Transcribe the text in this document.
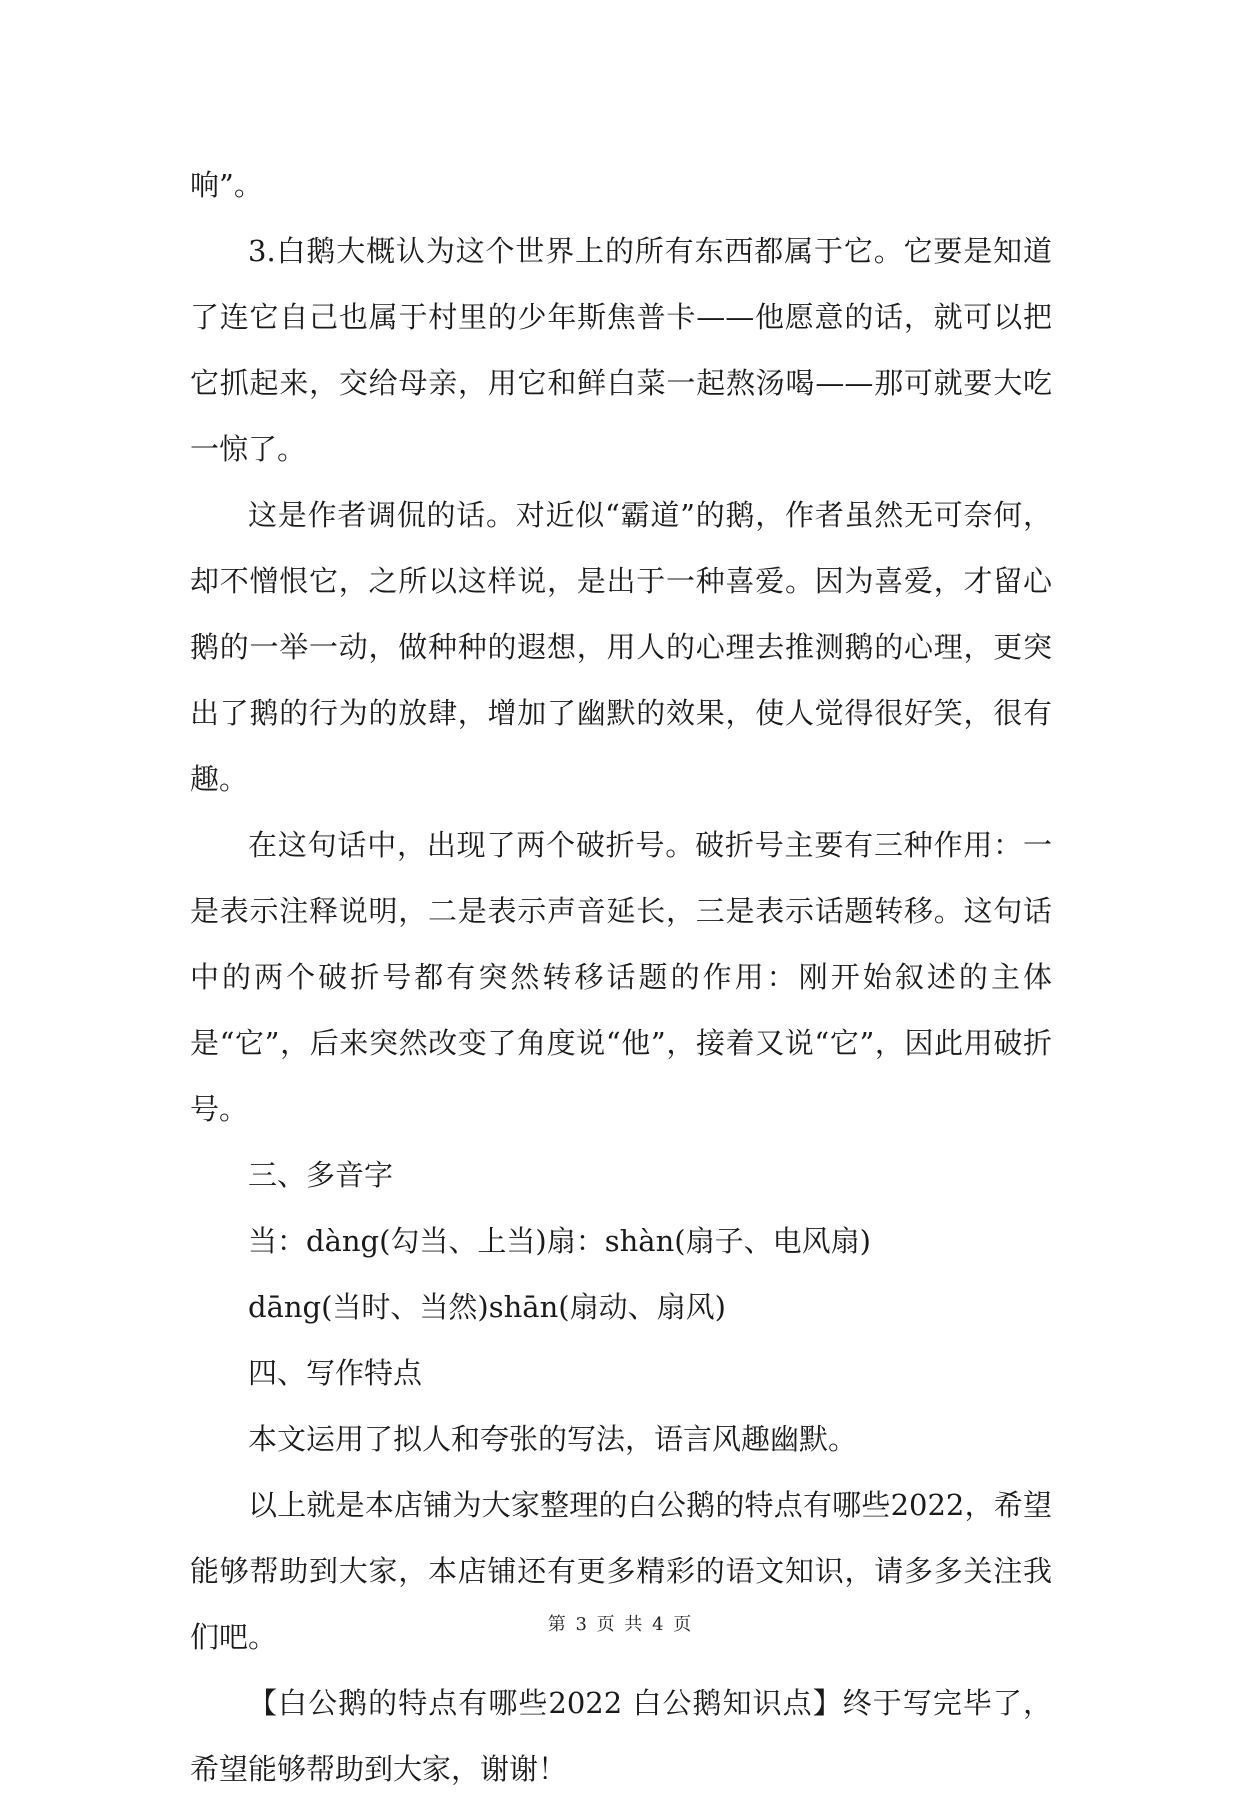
响”。

3.白鹅大概认为这个世界上的所有东西都属于它。它要是知道了连它自己也属于村里的少年斯焦普卡——他愿意的话，就可以把它抓起来，交给母亲，用它和鲜白菜一起熬汤喝——那可就要大吃一惊了。

这是作者调侃的话。对近似“霸道”的鹅，作者虽然无可奈何，却不憎恨它，之所以这样说，是出于一种喜爱。因为喜爱，才留心鹅的一举一动，做种种的遐想，用人的心理去推测鹅的心理，更突出了鹅的行为的放肆，增加了幽默的效果，使人觉得很好笑，很有趣。

在这句话中，出现了两个破折号。破折号主要有三种作用：一是表示注释说明，二是表示声音延长，三是表示话题转移。这句话中的两个破折号都有突然转移话题的作用：刚开始叙述的主体是“它”，后来突然改变了角度说“他”，接着又说“它”，因此用破折号。

三、多音字

当：dàng(勾当、上当)扇：shàn(扇子、电风扇)

dāng(当时、当然)shān(扇动、扇风)

四、写作特点

本文运用了拟人和夸张的写法，语言风趣幽默。

以上就是本店铺为大家整理的白公鹅的特点有哪些2022，希望能够帮助到大家，本店铺还有更多精彩的语文知识，请多多关注我们吧。

【白公鹅的特点有哪些2022 白公鹅知识点】终于写完毕了，希望能够帮助到大家，谢谢！

第 3 页 共 4 页
